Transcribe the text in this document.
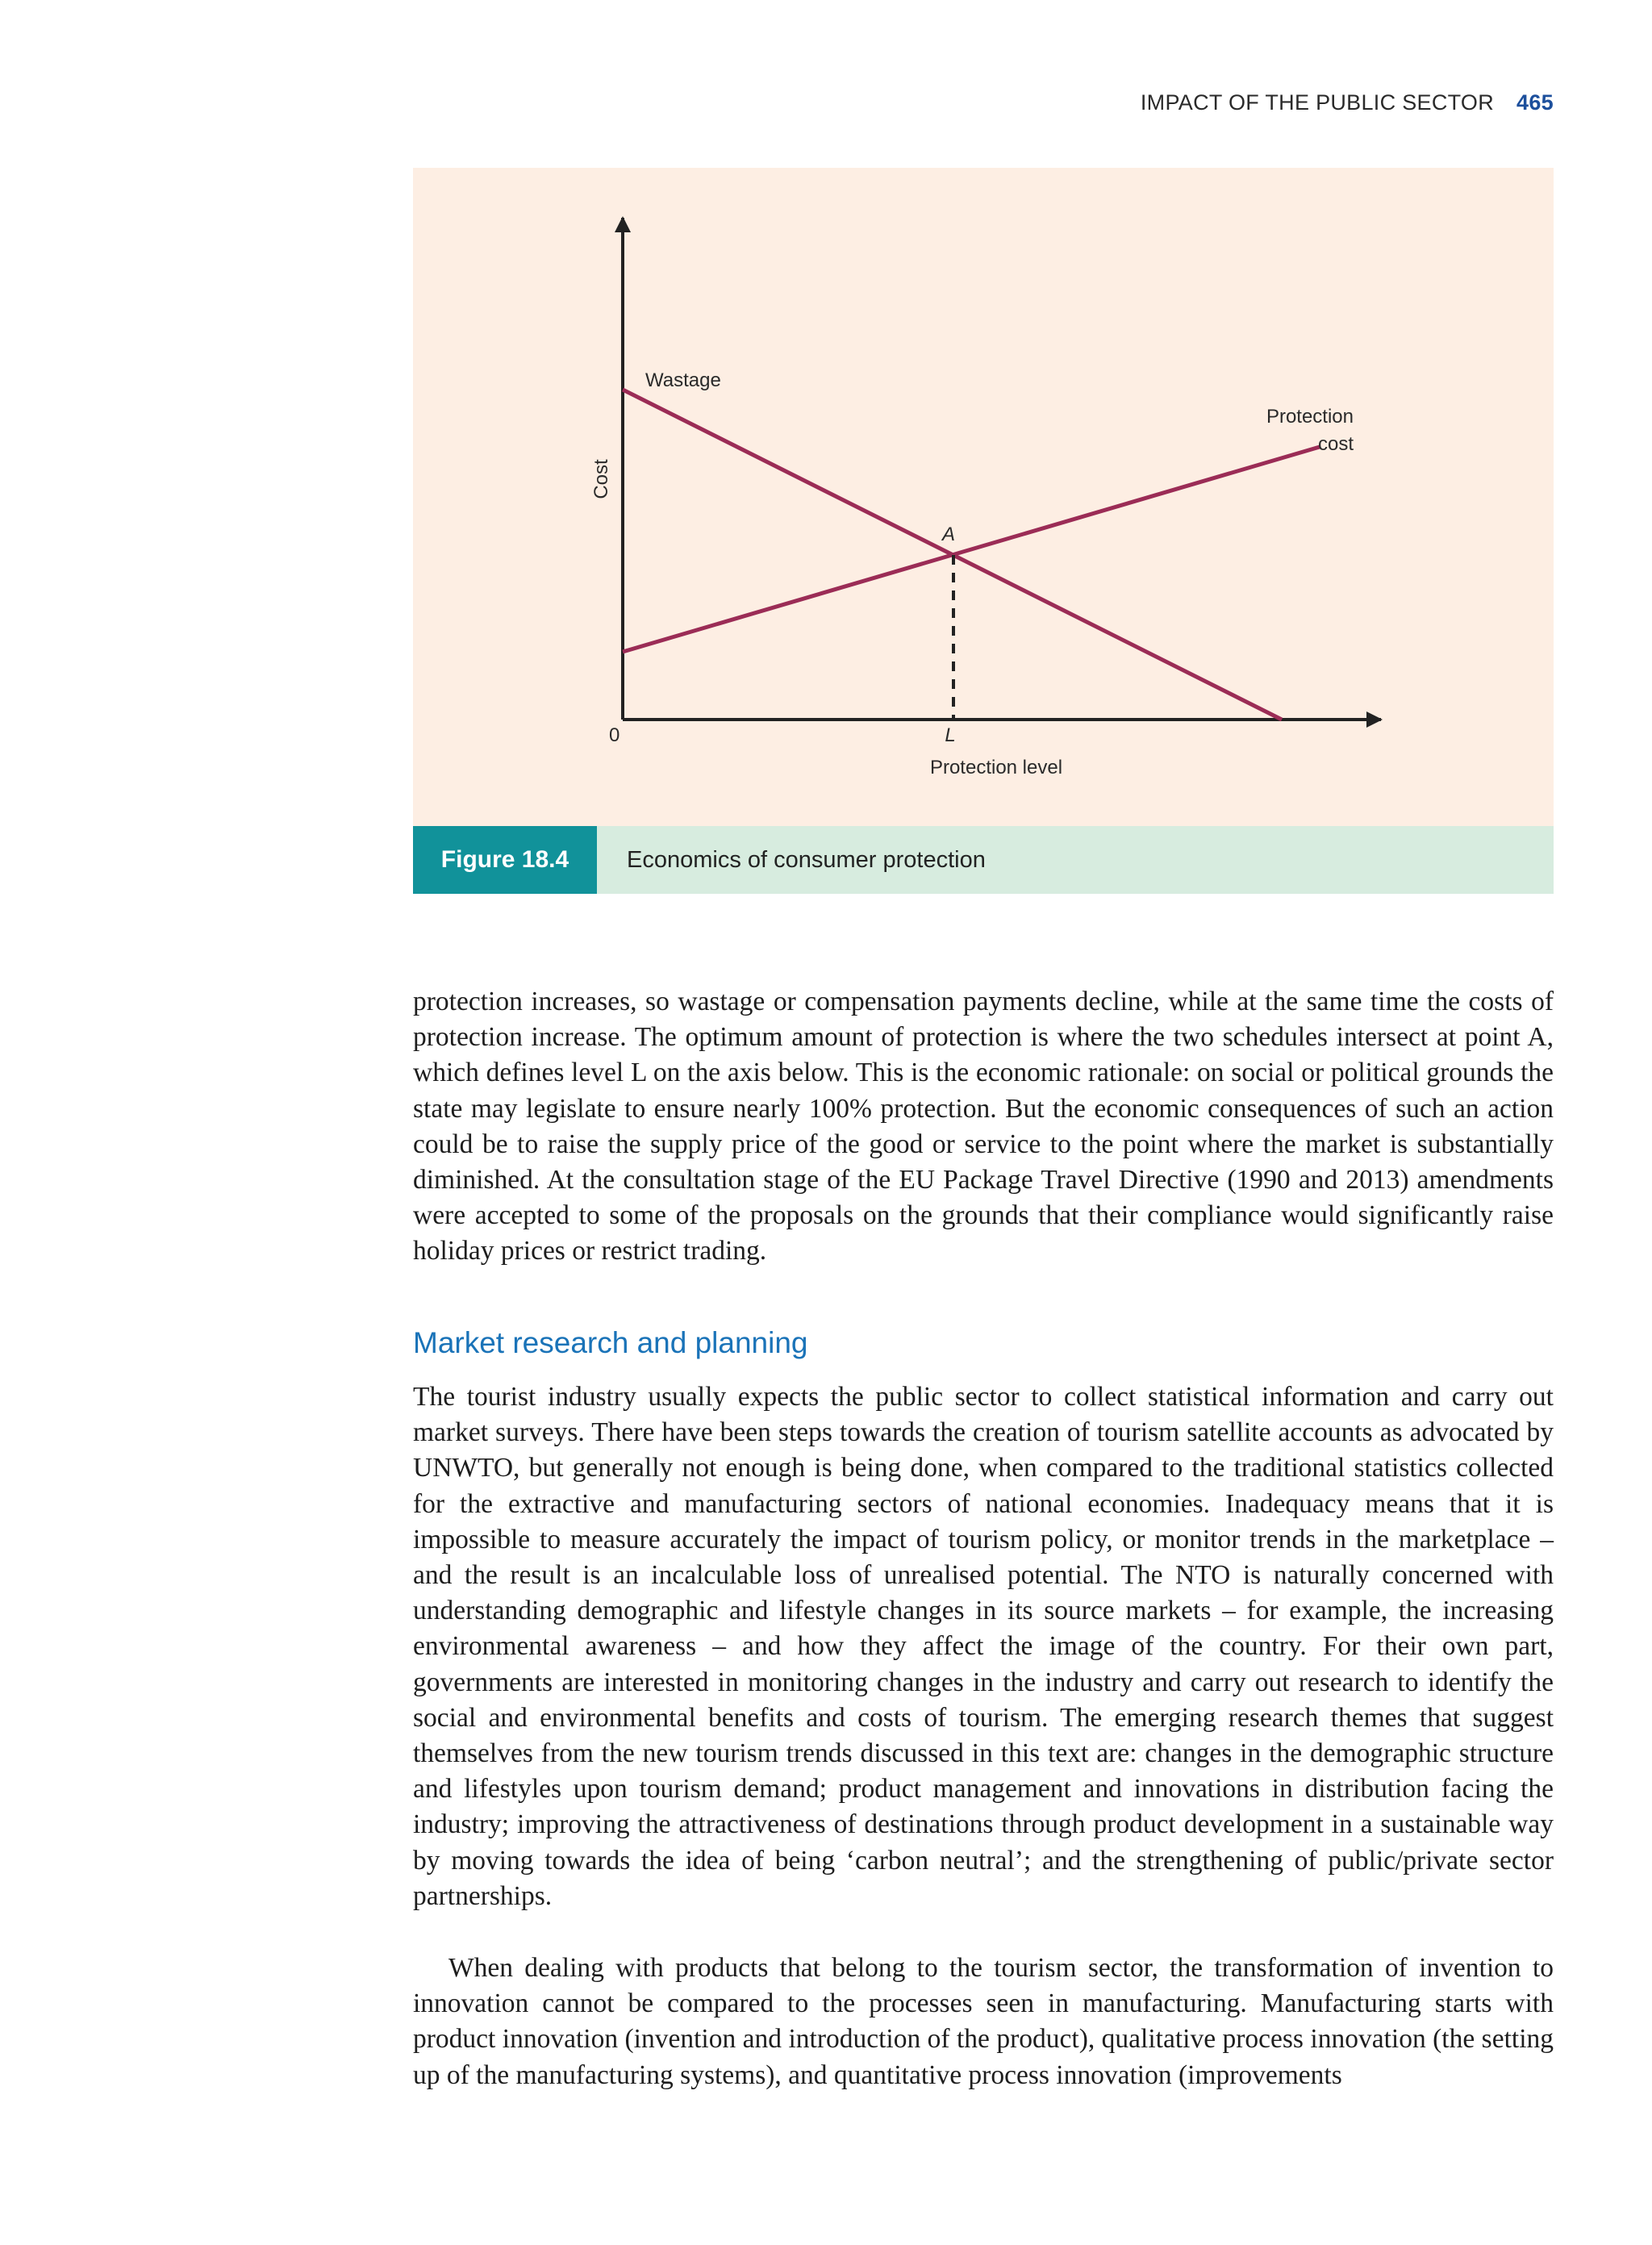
IMPACT OF THE PUBLIC SECTOR 465
Cost
0
Wastage
Protection
cost
A
L
Protection level
Figure 18.4	Economics of consumer protection

protection increases, so wastage or compensation payments decline, while at the same time the costs of protection increase. The optimum amount of protection is where the two schedules intersect at point A, which defines level L on the axis below. This is the economic rationale: on social or political grounds the state may legislate to ensure nearly 100% protection. But the economic consequences of such an action could be to raise the supply price of the good or service to the point where the market is substantially diminished. At the consultation stage of the EU Package Travel Directive (1990 and 2013) amendments were accepted to some of the proposals on the grounds that their compliance would significantly raise holiday prices or restrict trading.

Market research and planning

The tourist industry usually expects the public sector to collect statistical information and carry out market surveys. There have been steps towards the creation of tourism satellite accounts as advocated by UNWTO, but generally not enough is being done, when compared to the traditional statistics collected for the extractive and manufacturing sectors of national economies. Inadequacy means that it is impossible to measure accurately the impact of tourism policy, or monitor trends in the marketplace – and the result is an incalculable loss of unrealised potential. The NTO is naturally concerned with understanding demographic and lifestyle changes in its source markets – for example, the increasing environmental awareness – and how they affect the image of the country. For their own part, governments are interested in monitoring changes in the industry and carry out research to identify the social and environmental benefits and costs of tourism. The emerging research themes that suggest themselves from the new tourism trends discussed in this text are: changes in the demographic structure and lifestyles upon tourism demand; product management and innovations in distribution facing the industry; improving the attractiveness of destinations through product development in a sustainable way by moving towards the idea of being ‘carbon neutral’; and the strengthening of public/private sector partnerships.

When dealing with products that belong to the tourism sector, the transformation of invention to innovation cannot be compared to the processes seen in manufacturing. Manufacturing starts with product innovation (invention and introduction of the product), qualitative process innovation (the setting up of the manufacturing systems), and quantitative process innovation (improvements
